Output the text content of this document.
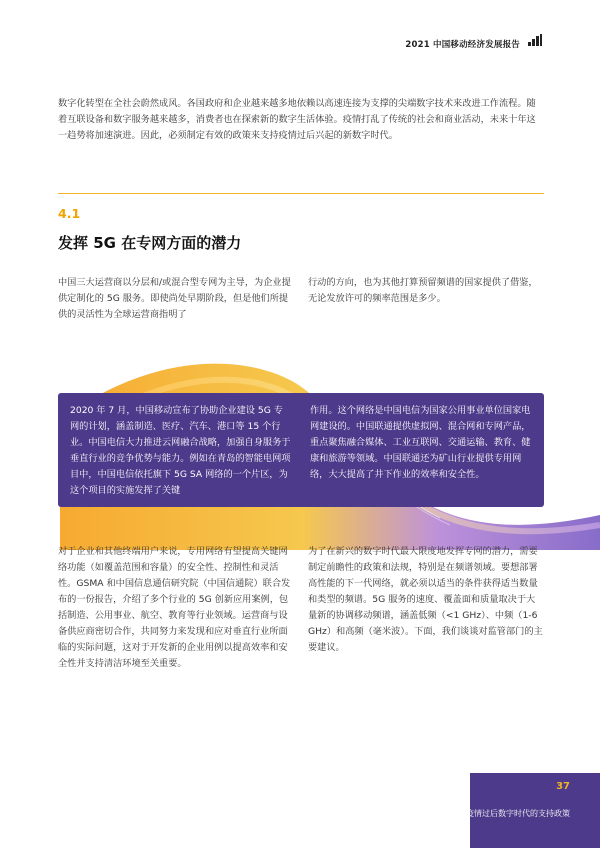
2021 中国移动经济发展报告

数字化转型在全社会蔚然成风。各国政府和企业越来越多地依赖以高速连接为支撑的尖端数字技术来改进工作流程。随着互联设备和数字服务越来越多，消费者也在探索新的数字生活体验。疫情打乱了传统的社会和商业活动，未来十年这一趋势将加速演进。因此，必须制定有效的政策来支持疫情过后兴起的新数字时代。

4.1
发挥 5G 在专网方面的潜力

中国三大运营商以分层和/或混合型专网为主导，为企业提供定制化的 5G 服务。即使尚处早期阶段，但是他们所提供的灵活性为全球运营商指明了

行动的方向，也为其他打算预留频谱的国家提供了借鉴，无论发放许可的频率范围是多少。

2020 年 7 月，中国移动宣布了协助企业建设 5G 专网的计划，涵盖制造、医疗、汽车、港口等 15 个行业。中国电信大力推进云网融合战略，加强自身服务于垂直行业的竞争优势与能力。例如在青岛的智能电网项目中，中国电信依托旗下 5G SA 网络的一个片区，为这个项目的实施发挥了关键

作用。这个网络是中国电信为国家公用事业单位国家电网建设的。中国联通提供虚拟网、混合网和专网产品，重点聚焦融合媒体、工业互联网、交通运输、教育、健康和旅游等领域。中国联通还为矿山行业提供专用网络，大大提高了井下作业的效率和安全性。

对于企业和其他终端用户来说，专用网络有望提高关键网络功能（如覆盖范围和容量）的安全性、控制性和灵活性。GSMA 和中国信息通信研究院（中国信通院）联合发布的一份报告，介绍了多个行业的 5G 创新应用案例，包括制造、公用事业、航空、教育等行业领域。运营商与设备供应商密切合作，共同努力来发现和应对垂直行业所面临的实际问题，这对于开发新的企业用例以提高效率和安全性并支持清洁环境至关重要。

为了在新兴的数字时代最大限度地发挥专网的潜力，需要制定前瞻性的政策和法规，特别是在频谱领域。要想部署高性能的下一代网络，就必须以适当的条件获得适当数量和类型的频谱。5G 服务的速度、覆盖面和质量取决于大量新的协调移动频谱，涵盖低频（<1 GHz）、中频（1-6 GHz）和高频（毫米波）。下面，我们谈谈对监管部门的主要建议。

37
疫情过后数字时代的支持政策
